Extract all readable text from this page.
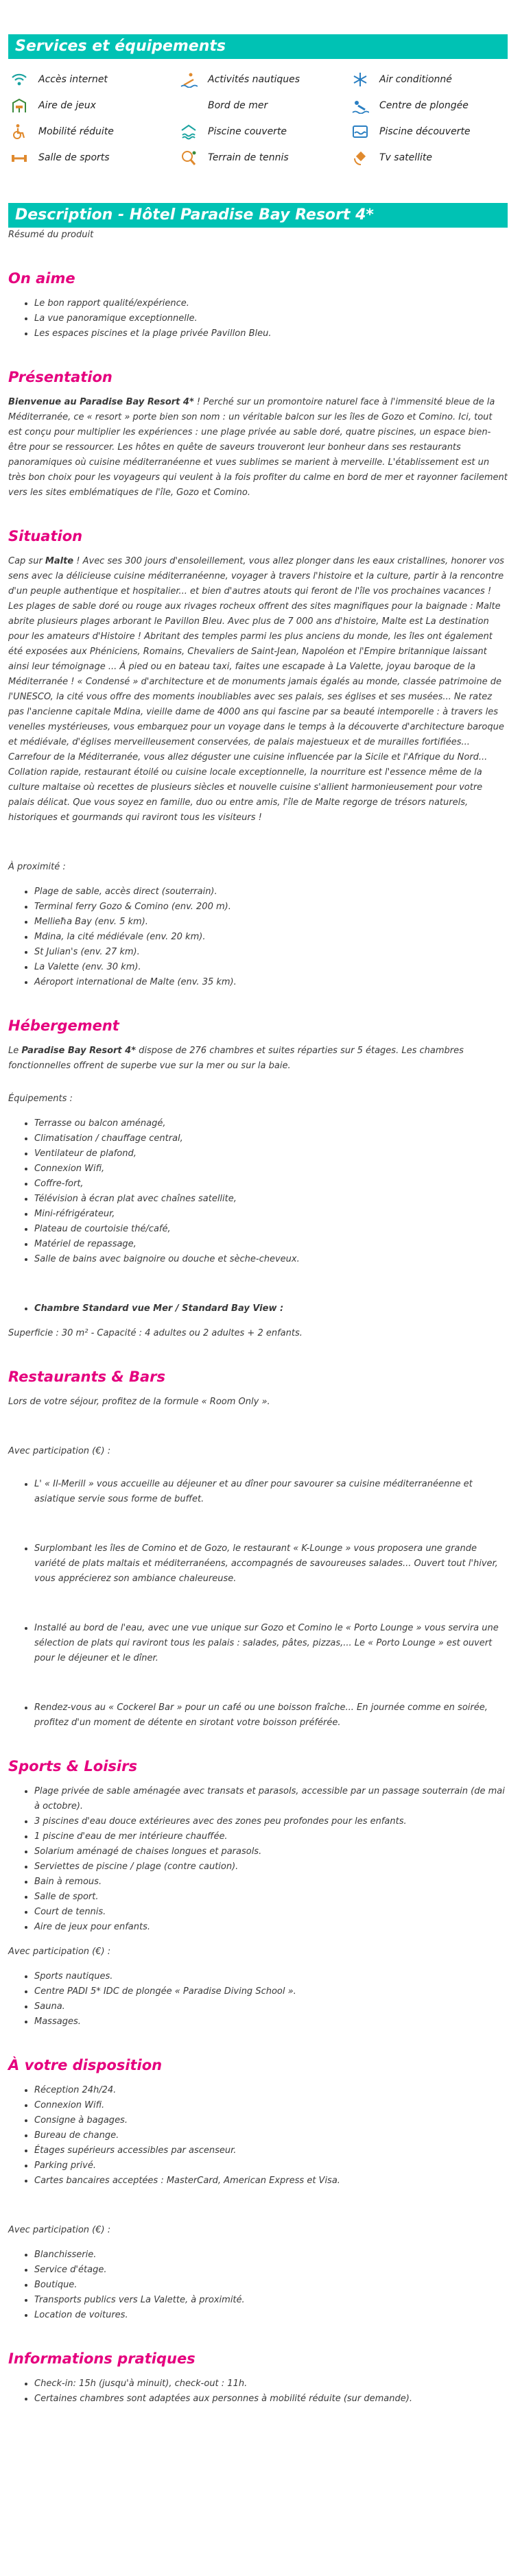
Services et équipements
Accès internet	Activités nautiques	Air conditionné
Aire de jeux	Bord de mer	Centre de plongée
Mobilité réduite	Piscine couverte	Piscine découverte
Salle de sports	Terrain de tennis	Tv satellite
Description - Hôtel Paradise Bay Resort 4*

Résumé du produit

On aime
• Le bon rapport qualité/expérience.
• La vue panoramique exceptionnelle.
• Les espaces piscines et la plage privée Pavillon Bleu.
Présentation

Bienvenue au Paradise Bay Resort 4* ! Perché sur un promontoire naturel face à l'immensité bleue de la Méditerranée, ce « resort » porte bien son nom : un véritable balcon sur les îles de Gozo et Comino. Ici, tout est conçu pour multiplier les expériences : une plage privée au sable doré, quatre piscines, un espace bien-être pour se ressourcer. Les hôtes en quête de saveurs trouveront leur bonheur dans ses restaurants panoramiques où cuisine méditerranéenne et vues sublimes se marient à merveille. L'établissement est un très bon choix pour les voyageurs qui veulent à la fois profiter du calme en bord de mer et rayonner facilement vers les sites emblématiques de l'île, Gozo et Comino.

Situation

Cap sur Malte ! Avec ses 300 jours d'ensoleillement, vous allez plonger dans les eaux cristallines, honorer vos sens avec la délicieuse cuisine méditerranéenne, voyager à travers l'histoire et la culture, partir à la rencontre d'un peuple authentique et hospitalier... et bien d'autres atouts qui feront de l'île vos prochaines vacances ! Les plages de sable doré ou rouge aux rivages rocheux offrent des sites magnifiques pour la baignade : Malte abrite plusieurs plages arborant le Pavillon Bleu. Avec plus de 7 000 ans d'histoire, Malte est La destination pour les amateurs d'Histoire ! Abritant des temples parmi les plus anciens du monde, les îles ont également été exposées aux Phéniciens, Romains, Chevaliers de Saint-Jean, Napoléon et l'Empire britannique laissant ainsi leur témoignage ... À pied ou en bateau taxi, faites une escapade à La Valette, joyau baroque de la Méditerranée ! « Condensé » d'architecture et de monuments jamais égalés au monde, classée patrimoine de l'UNESCO, la cité vous offre des moments inoubliables avec ses palais, ses églises et ses musées... Ne ratez pas l'ancienne capitale Mdina, vieille dame de 4000 ans qui fascine par sa beauté intemporelle : à travers les venelles mystérieuses, vous embarquez pour un voyage dans le temps à la découverte d'architecture baroque et médiévale, d'églises merveilleusement conservées, de palais majestueux et de murailles fortifiées... Carrefour de la Méditerranée, vous allez déguster une cuisine influencée par la Sicile et l'Afrique du Nord... Collation rapide, restaurant étoilé ou cuisine locale exceptionnelle, la nourriture est l'essence même de la culture maltaise où recettes de plusieurs siècles et nouvelle cuisine s'allient harmonieusement pour votre palais délicat. Que vous soyez en famille, duo ou entre amis, l'île de Malte regorge de trésors naturels, historiques et gourmands qui raviront tous les visiteurs !

À proximité :

• Plage de sable, accès direct (souterrain).
• Terminal ferry Gozo & Comino (env. 200 m).
• Mellieħa Bay (env. 5 km).
• Mdina, la cité médiévale (env. 20 km).
• St Julian's (env. 27 km).
• La Valette (env. 30 km).
• Aéroport international de Malte (env. 35 km).
Hébergement

Le Paradise Bay Resort 4* dispose de 276 chambres et suites réparties sur 5 étages. Les chambres fonctionnelles offrent de superbe vue sur la mer ou sur la baie.

Équipements :

• Terrasse ou balcon aménagé,
• Climatisation / chauffage central,
• Ventilateur de plafond,
• Connexion Wifi,
• Coffre-fort,
• Télévision à écran plat avec chaînes satellite,
• Mini-réfrigérateur,
• Plateau de courtoisie thé/café,
• Matériel de repassage,
• Salle de bains avec baignoire ou douche et sèche-cheveux.
• Chambre Standard vue Mer / Standard Bay View :

Superficie : 30 m² - Capacité : 4 adultes ou 2 adultes + 2 enfants.

Restaurants & Bars

Lors de votre séjour, profitez de la formule « Room Only ».

Avec participation (€) :

• L' « Il-Merill » vous accueille au déjeuner et au dîner pour savourer sa cuisine méditerranéenne et asiatique servie sous forme de buffet.
• Surplombant les îles de Comino et de Gozo, le restaurant « K-Lounge » vous proposera une grande variété de plats maltais et méditerranéens, accompagnés de savoureuses salades... Ouvert tout l'hiver, vous apprécierez son ambiance chaleureuse.
• Installé au bord de l'eau, avec une vue unique sur Gozo et Comino le « Porto Lounge » vous servira une sélection de plats qui raviront tous les palais : salades, pâtes, pizzas,... Le « Porto Lounge » est ouvert pour le déjeuner et le dîner.
• Rendez-vous au « Cockerel Bar » pour un café ou une boisson fraîche... En journée comme en soirée, profitez d'un moment de détente en sirotant votre boisson préférée.
Sports & Loisirs
• Plage privée de sable aménagée avec transats et parasols, accessible par un passage souterrain (de mai à octobre).
• 3 piscines d'eau douce extérieures avec des zones peu profondes pour les enfants.
• 1 piscine d'eau de mer intérieure chauffée.
• Solarium aménagé de chaises longues et parasols.
• Serviettes de piscine / plage (contre caution).
• Bain à remous.
• Salle de sport.
• Court de tennis.
• Aire de jeux pour enfants.

Avec participation (€) :

• Sports nautiques.
• Centre PADI 5* IDC de plongée « Paradise Diving School ».
• Sauna.
• Massages.
À votre disposition
• Réception 24h/24.
• Connexion Wifi.
• Consigne à bagages.
• Bureau de change.
• Étages supérieurs accessibles par ascenseur.
• Parking privé.
• Cartes bancaires acceptées : MasterCard, American Express et Visa.

Avec participation (€) :

• Blanchisserie.
• Service d'étage.
• Boutique.
• Transports publics vers La Valette, à proximité.
• Location de voitures.
Informations pratiques
• Check-in: 15h (jusqu'à minuit), check-out : 11h.
• Certaines chambres sont adaptées aux personnes à mobilité réduite (sur demande).
